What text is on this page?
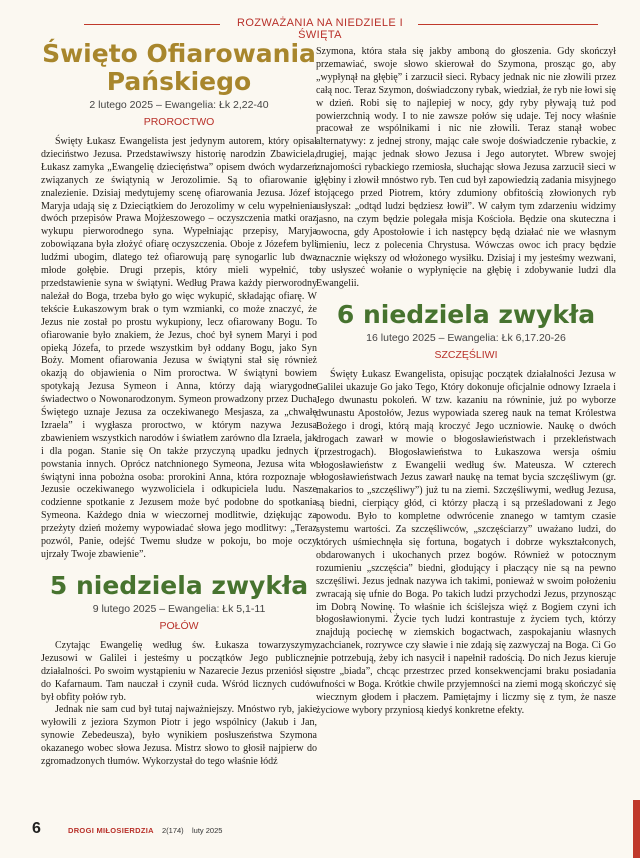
ROZWAŻANIA NA NIEDZIELE I ŚWIĘTA
Święto Ofiarowania
Pańskiego
2 lutego 2025 – Ewangelia: Łk 2,22-40
PROROCTWO

Święty Łukasz Ewangelista jest jedynym autorem, który opisał dzieciństwo Jezusa. Przedstawiwszy historię narodzin Zbawiciela, Łukasz zamyka „Ewangelię dziecięństwa” opisem dwóch wydarzeń związanych ze świątynią w Jerozolimie. Są to ofiarowanie i znalezienie. Dzisiaj medytujemy scenę ofiarowania Jezusa. Józef i Maryja udają się z Dzieciątkiem do Jerozolimy w celu wypełnienia dwóch przepisów Prawa Mojżeszowego – oczyszczenia matki oraz wykupu pierworodnego syna. Wypełniając przepisy, Maryja zobowiązana była złożyć ofiarę oczyszczenia. Oboje z Józefem byli ludźmi ubogim, dlatego też ofiarowują parę synogarlic lub dwa młode gołębie. Drugi przepis, który mieli wypełnić, to przedstawienie syna w świątyni. Według Prawa każdy pierworodny należał do Boga, trzeba było go więc wykupić, składając ofiarę. W tekście Łukaszowym brak o tym wzmianki, co może znaczyć, że Jezus nie został po prostu wykupiony, lecz ofiarowany Bogu. To ofiarowanie było znakiem, że Jezus, choć był synem Maryi i pod opieką Józefa, to przede wszystkim był oddany Bogu, jako Syn Boży. Moment ofiarowania Jezusa w świątyni stał się również okazją do objawienia o Nim proroctwa. W świątyni bowiem spotykają Jezusa Symeon i Anna, którzy dają wiarygodne świadectwo o Nowonarodzonym. Symeon prowadzony przez Ducha Świętego uznaje Jezusa za oczekiwanego Mesjasza, za „chwałę Izraela” i wygłasza proroctwo, w którym nazywa Jezusa zbawieniem wszystkich narodów i światłem zarówno dla Izraela, jak i dla pogan. Stanie się On także przyczyną upadku jednych i powstania innych. Oprócz natchnionego Symeona, Jezusa wita w świątyni inna pobożna osoba: prorokini Anna, która rozpoznaje w Jezusie oczekiwanego wyzwoliciela i odkupiciela ludu. Nasze codzienne spotkanie z Jezusem może być podobne do spotkania Symeona. Każdego dnia w wieczornej modlitwie, dziękując za przeżyty dzień możemy wypowiadać słowa jego modlitwy: „Teraz pozwól, Panie, odejść Twemu słudze w pokoju, bo moje oczy ujrzały Twoje zbawienie”.

5 niedziela zwykła
9 lutego 2025 – Ewangelia: Łk 5,1-11
POŁÓW

Czytając Ewangelię według św. Łukasza towarzyszymy Jezusowi w Galilei i jesteśmy u początków Jego publicznej działalności. Po swoim wystąpieniu w Nazarecie Jezus przeniósł się do Kafarnaum. Tam nauczał i czynił cuda. Wśród licznych cudów był obfity połów ryb.

Jednak nie sam cud był tutaj najważniejszy. Mnóstwo ryb, jakie wyłowili z jeziora Szymon Piotr i jego wspólnicy (Jakub i Jan, synowie Zebedeusza), było wynikiem posłuszeństwa Szymona okazanego wobec słowa Jezusa. Mistrz słowo to głosił najpierw do zgromadzonych tłumów. Wykorzystał do tego właśnie łódź

Szymona, która stała się jakby amboną do głoszenia. Gdy skończył przemawiać, swoje słowo skierował do Szymona, prosząc go, aby „wypłynął na głębię” i zarzucił sieci. Rybacy jednak nic nie złowili przez całą noc. Teraz Szymon, doświadczony rybak, wiedział, że ryb nie łowi się w dzień. Robi się to najlepiej w nocy, gdy ryby pływają tuż pod powierzchnią wody. I to nie zawsze połów się udaje. Tej nocy właśnie pracował ze wspólnikami i nic nie złowili. Teraz stanął wobec alternatywy: z jednej strony, mając całe swoje doświadczenie rybackie, z drugiej, mając jednak słowo Jezusa i Jego autorytet. Wbrew swojej znajomości rybackiego rzemiosła, słuchając słowa Jezusa zarzucił sieci w głębiny i złowił mnóstwo ryb. Ten cud był zapowiedzią zadania misyjnego stojącego przed Piotrem, który zdumiony obfitością złowionych ryb usłyszał: „odtąd ludzi będziesz łowił”. W całym tym zdarzeniu widzimy jasno, na czym będzie polegała misja Kościoła. Będzie ona skuteczna i owocna, gdy Apostołowie i ich następcy będą działać nie we własnym imieniu, lecz z polecenia Chrystusa. Wówczas owoc ich pracy będzie znacznie większy od włożonego wysiłku. Dzisiaj i my jesteśmy wezwani, by usłyszeć wołanie o wypłynięcie na głębię i zdobywanie ludzi dla Ewangelii.

6 niedziela zwykła
16 lutego 2025 – Ewangelia: Łk 6,17.20-26
SZCZĘŚLIWI

Święty Łukasz Ewangelista, opisując początek działalności Jezusa w Galilei ukazuje Go jako Tego, Który dokonuje oficjalnie odnowy Izraela i Jego dwunastu pokoleń. W tzw. kazaniu na równinie, już po wyborze dwunastu Apostołów, Jezus wypowiada szereg nauk na temat Królestwa Bożego i drogi, którą mają kroczyć Jego uczniowie. Naukę o dwóch drogach zawarł w mowie o błogosławieństwach i przekleństwach (przestrogach). Błogosławieństwa to Łukaszowa wersja ośmiu błogosławieństw z Ewangelii według św. Mateusza. W czterech błogosławieństwach Jezus zawarł naukę na temat bycia szczęśliwym (gr. makarios to „szczęśliwy”) już tu na ziemi. Szczęśliwymi, według Jezusa, są biedni, cierpiący głód, ci którzy płaczą i są prześladowani z Jego powodu. Było to kompletne odwrócenie znanego w tamtym czasie systemu wartości. Za szczęśliwców, „szczęściarzy” uważano ludzi, do których uśmiechnęła się fortuna, bogatych i dobrze wykształconych, obdarowanych i ukochanych przez bogów. Również w potocznym rozumieniu „szczęścia” biedni, głodujący i płaczący nie są na pewno szczęśliwi. Jezus jednak nazywa ich takimi, ponieważ w swoim położeniu zwracają się ufnie do Boga. Po takich ludzi przychodzi Jezus, przynosząc im Dobrą Nowinę. To właśnie ich ściślejsza więź z Bogiem czyni ich błogosławionymi. Życie tych ludzi kontrastuje z życiem tych, którzy znajdują pociechę w ziemskich bogactwach, zaspokajaniu własnych zachcianek, rozrywce czy sławie i nie zdają się zazwyczaj na Boga. Ci Go nie potrzebują, żeby ich nasycił i napełnił radością. Do nich Jezus kieruje ostre „biada”, chcąc przestrzec przed konsekwencjami braku posiadania ufności w Boga. Krótkie chwile przyjemności na ziemi mogą skończyć się wiecznym głodem i płaczem. Pamiętajmy i liczmy się z tym, że nasze życiowe wybory przyniosą kiedyś konkretne efekty.

6	DROGI MIŁOSIERDZIA 2(174) luty 2025
